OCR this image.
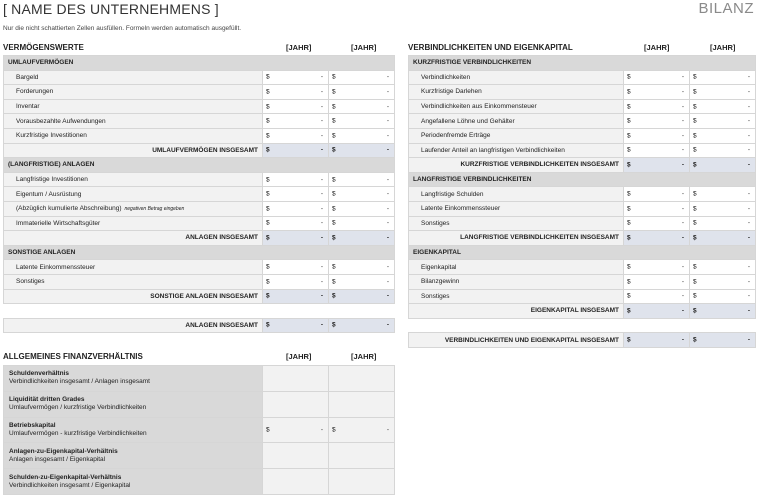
[ NAME DES UNTERNEHMENS ]	BILANZ
Nur die nicht schattierten Zellen ausfüllen. Formeln werden automatisch ausgefüllt.
VERMÖGENSWERTE	[JAHR]	[JAHR]
UMLAUFVERMÖGEN		
Bargeld	$ -	$ -

Forderungen	$ -	$ -

Inventar	$ -	$ -

Vorausbezahlte Aufwendungen	$ -	$ -

Kurzfristige Investitionen	$ -	$ -

UMLAUFVERMÖGEN INSGESAMT	$ -	$ -

(LANGFRISTIGE) ANLAGEN		
Langfristige Investitionen	$ -	$ -

Eigentum / Ausrüstung	$ -	$ -

(Abzüglich kumulierte Abschreibung) negativen Betrag eingeben	$ -	$ -

Immaterielle Wirtschaftsgüter	$ -	$ -

ANLAGEN INSGESAMT	$ -	$ -

SONSTIGE ANLAGEN		
Latente Einkommenssteuer	$ -	$ -

Sonstiges	$ -	$ -

SONSTIGE ANLAGEN INSGESAMT	$ -	$ -

ANLAGEN INSGESAMT	$ -	$ -
VERBINDLICHKEITEN UND EIGENKAPITAL	[JAHR]	[JAHR]
KURZFRISTIGE VERBINDLICHKEITEN		
Verbindlichkeiten	$ -	$ -

Kurzfristige Darlehen	$ -	$ -

Verbindlichkeiten aus Einkommensteuer	$ -	$ -

Angefallene Löhne und Gehälter	$ -	$ -

Periodenfremde Erträge	$ -	$ -

Laufender Anteil an langfristigen Verbindlichkeiten	$ -	$ -

KURZFRISTIGE VERBINDLICHKEITEN INSGESAMT	$ -	$ -

LANGFRISTIGE VERBINDLICHKEITEN		
Langfristige Schulden	$ -	$ -

Latente Einkommenssteuer	$ -	$ -

Sonstiges	$ -	$ -

LANGFRISTIGE VERBINDLICHKEITEN INSGESAMT	$ -	$ -

EIGENKAPITAL		
Eigenkapital	$ -	$ -

Bilanzgewinn	$ -	$ -

Sonstiges	$ -	$ -

EIGENKAPITAL INSGESAMT	$ -	$ -

VERBINDLICHKEITEN UND EIGENKAPITAL INSGESAMT	$ -	$ -
ALLGEMEINES FINANZVERHÄLTNIS	[JAHR]	[JAHR]
Schuldenverhältnis
Verbindlichkeiten insgesamt / Anlagen insgesamt	

Liquidität dritten Grades
Umlaufvermögen / kurzfristige Verbindlichkeiten	

Betriebskapital
Umlaufvermögen - kurzfristige Verbindlichkeiten	$ -	$ -

Anlagen-zu-Eigenkapital-Verhältnis
Anlagen insgesamt / Eigenkapital	

Schulden-zu-Eigenkapital-Verhältnis
Verbindlichkeiten insgesamt / Eigenkapital	
